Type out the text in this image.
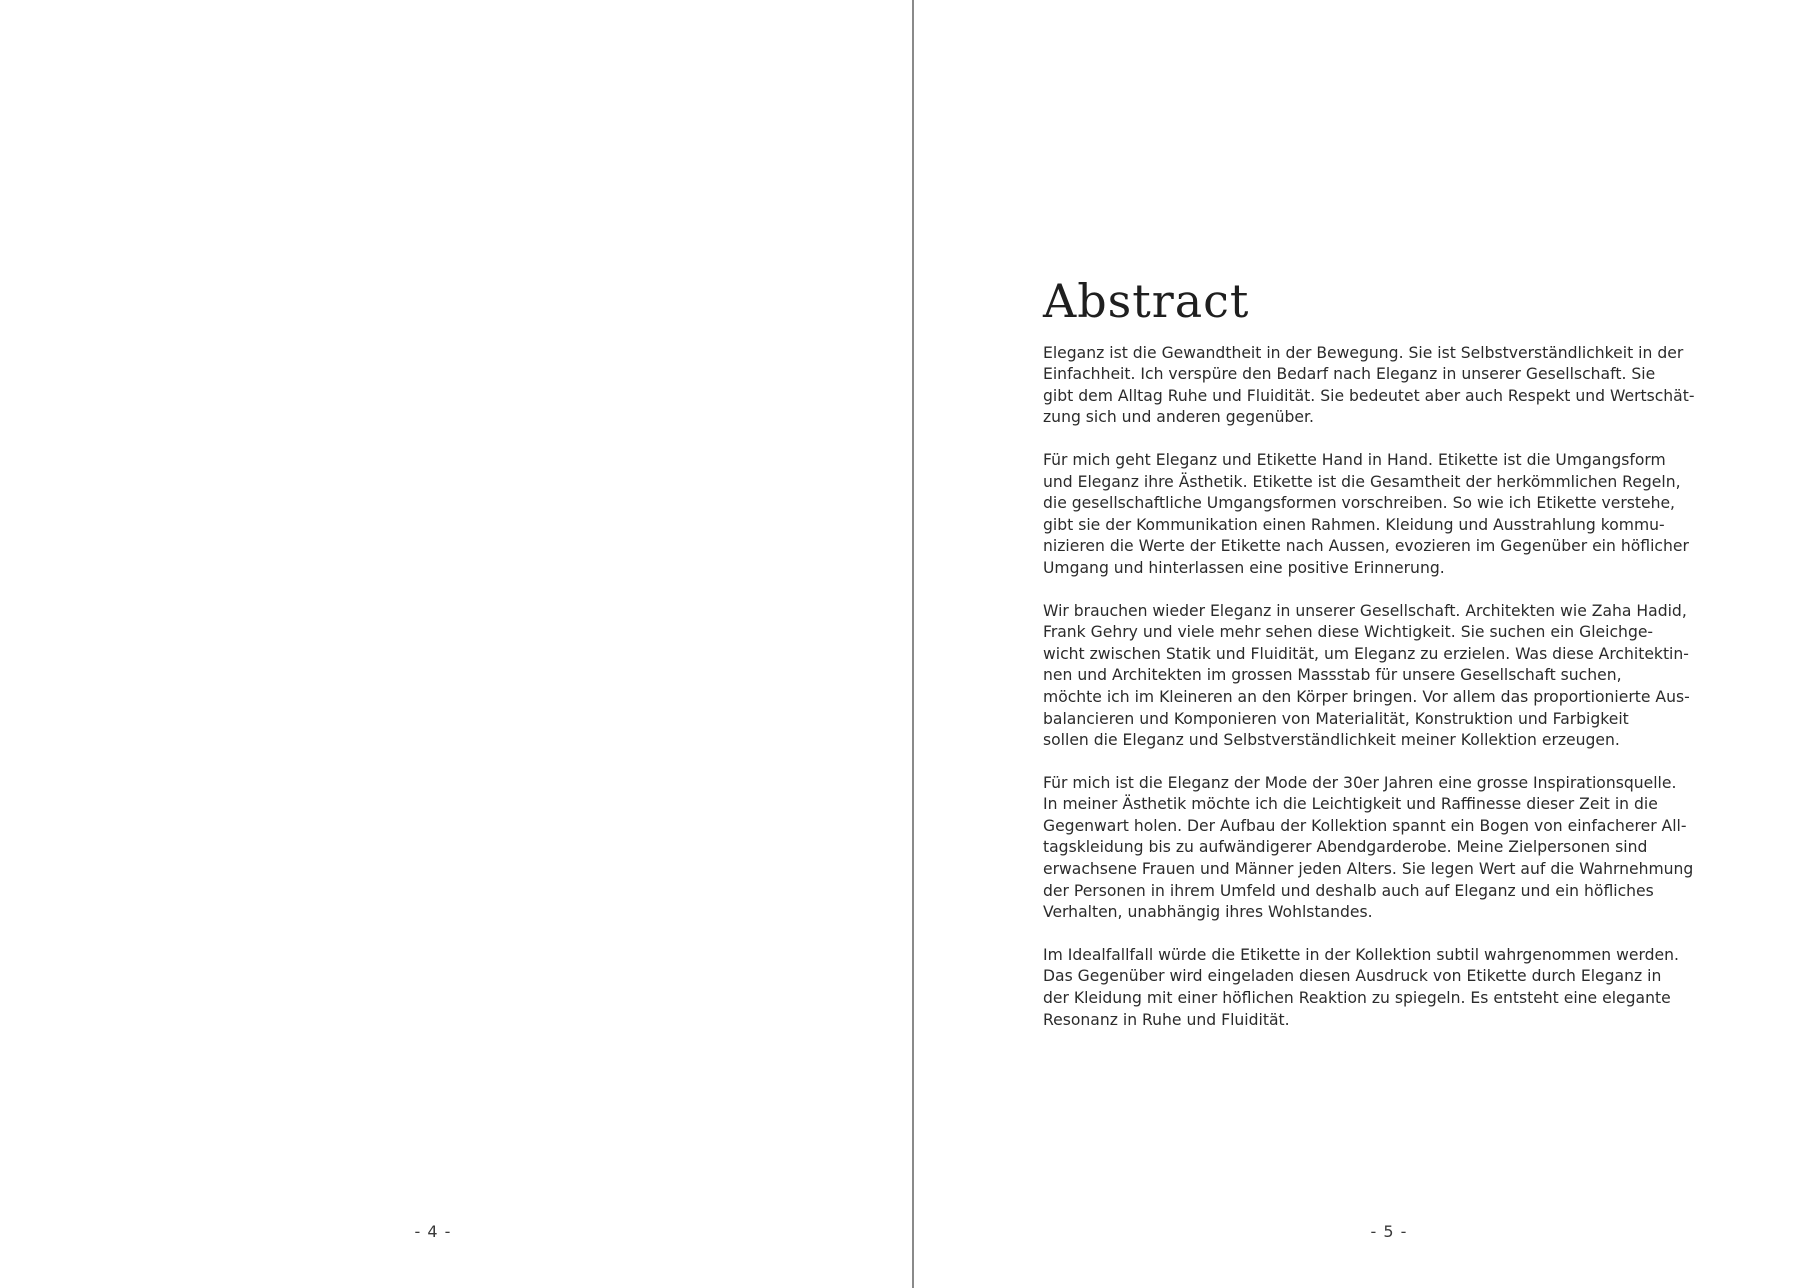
- 4 -
Abstract

Eleganz ist die Gewandtheit in der Bewegung. Sie ist Selbstverständlichkeit in der
Einfachheit. Ich verspüre den Bedarf nach Eleganz in unserer Gesellschaft. Sie
gibt dem Alltag Ruhe und Fluidität. Sie bedeutet aber auch Respekt und Wertschät-
zung sich und anderen gegenüber.

Für mich geht Eleganz und Etikette Hand in Hand. Etikette ist die Umgangsform
und Eleganz ihre Ästhetik. Etikette ist die Gesamtheit der herkömmlichen Regeln,
die gesellschaftliche Umgangsformen vorschreiben. So wie ich Etikette verstehe,
gibt sie der Kommunikation einen Rahmen. Kleidung und Ausstrahlung kommu-
nizieren die Werte der Etikette nach Aussen, evozieren im Gegenüber ein höflicher
Umgang und hinterlassen eine positive Erinnerung.

Wir brauchen wieder Eleganz in unserer Gesellschaft. Architekten wie Zaha Hadid,
Frank Gehry und viele mehr sehen diese Wichtigkeit. Sie suchen ein Gleichge-
wicht zwischen Statik und Fluidität, um Eleganz zu erzielen. Was diese Architektin-
nen und Architekten im grossen Massstab für unsere Gesellschaft suchen,
möchte ich im Kleineren an den Körper bringen. Vor allem das proportionierte Aus-
balancieren und Komponieren von Materialität, Konstruktion und Farbigkeit
sollen die Eleganz und Selbstverständlichkeit meiner Kollektion erzeugen.

Für mich ist die Eleganz der Mode der 30er Jahren eine grosse Inspirationsquelle.
In meiner Ästhetik möchte ich die Leichtigkeit und Raffinesse dieser Zeit in die
Gegenwart holen. Der Aufbau der Kollektion spannt ein Bogen von einfacherer All-
tagskleidung bis zu aufwändigerer Abendgarderobe. Meine Zielpersonen sind
erwachsene Frauen und Männer jeden Alters. Sie legen Wert auf die Wahrnehmung
der Personen in ihrem Umfeld und deshalb auch auf Eleganz und ein höfliches
Verhalten, unabhängig ihres Wohlstandes.

Im Idealfallfall würde die Etikette in der Kollektion subtil wahrgenommen werden.
Das Gegenüber wird eingeladen diesen Ausdruck von Etikette durch Eleganz in
der Kleidung mit einer höflichen Reaktion zu spiegeln. Es entsteht eine elegante
Resonanz in Ruhe und Fluidität.

- 5 -
